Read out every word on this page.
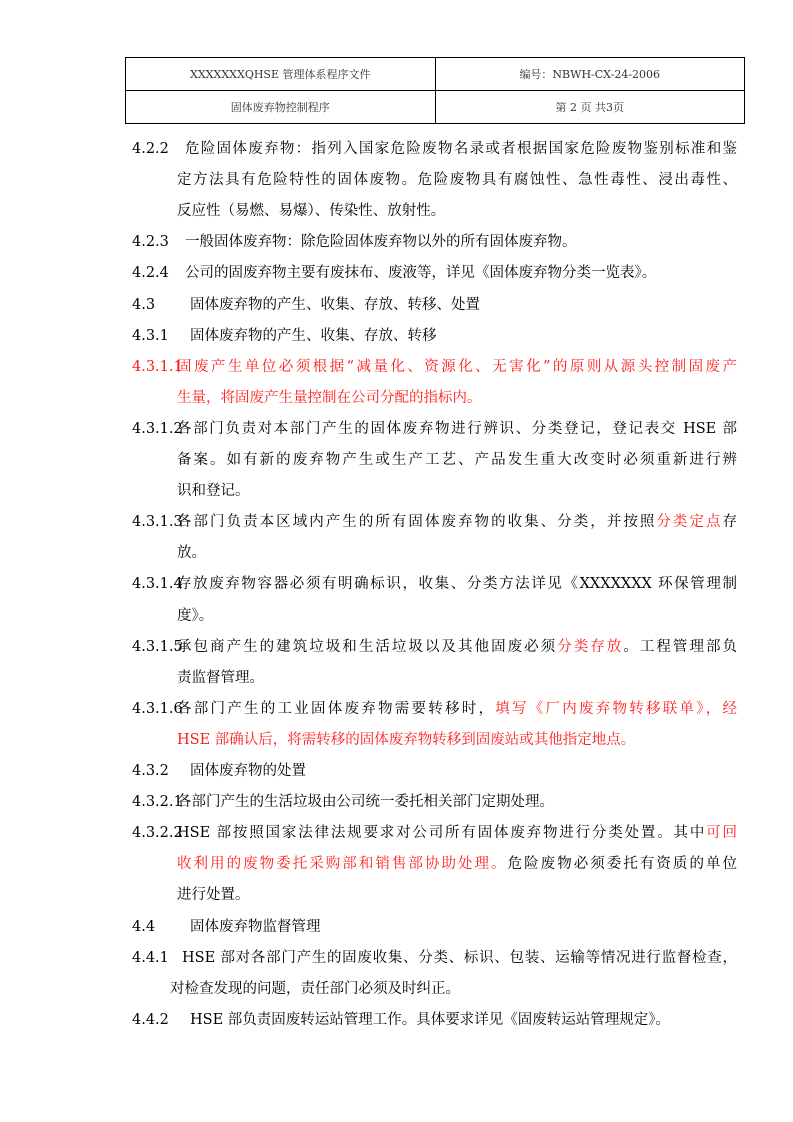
XXXXXXXQHSE 管理体系程序文件	编号：NBWH-CX-24-2006
固体废弃物控制程序	第 2 页 共3页
4.2.2 危险固体废弃物：指列入国家危险废物名录或者根据国家危险废物鉴别标准和鉴
定方法具有危险特性的固体废物。危险废物具有腐蚀性、急性毒性、浸出毒性、
反应性（易燃、易爆）、传染性、放射性。
4.2.3 一般固体废弃物：除危险固体废弃物以外的所有固体废弃物。
4.2.4 公司的固废弃物主要有废抹布、废液等，详见《固体废弃物分类一览表》。
4.3 固体废弃物的产生、收集、存放、转移、处置
4.3.1 固体废弃物的产生、收集、存放、转移
4.3.1.1
固废产生单位必须根据“减量化、资源化、无害化”的原则从源头控制固废产
生量，将固废产生量控制在公司分配的指标内。
4.3.1.2
各部门负责对本部门产生的固体废弃物进行辨识、分类登记，登记表交 HSE 部
备案。如有新的废弃物产生或生产工艺、产品发生重大改变时必须重新进行辨
识和登记。
4.3.1.3
各部门负责本区域内产生的所有固体废弃物的收集、分类，并按照分类定点存
放。
4.3.1.4
存放废弃物容器必须有明确标识，收集、分类方法详见《XXXXXXX 环保管理制
度》。
4.3.1.5
承包商产生的建筑垃圾和生活垃圾以及其他固废必须分类存放。工程管理部负
责监督管理。
4.3.1.6
各部门产生的工业固体废弃物需要转移时，填写《厂内废弃物转移联单》，经
HSE 部确认后，将需转移的固体废弃物转移到固废站或其他指定地点。
4.3.2 固体废弃物的处置
4.3.2.1
各部门产生的生活垃圾由公司统一委托相关部门定期处理。
4.3.2.2
HSE 部按照国家法律法规要求对公司所有固体废弃物进行分类处置。其中可回
收利用的废物委托采购部和销售部协助处理。危险废物必须委托有资质的单位
进行处置。
4.4 固体废弃物监督管理
4.4.1 HSE 部对各部门产生的固废收集、分类、标识、包装、运输等情况进行监督检查，
对检查发现的问题，责任部门必须及时纠正。
4.4.2 HSE 部负责固废转运站管理工作。具体要求详见《固废转运站管理规定》。
